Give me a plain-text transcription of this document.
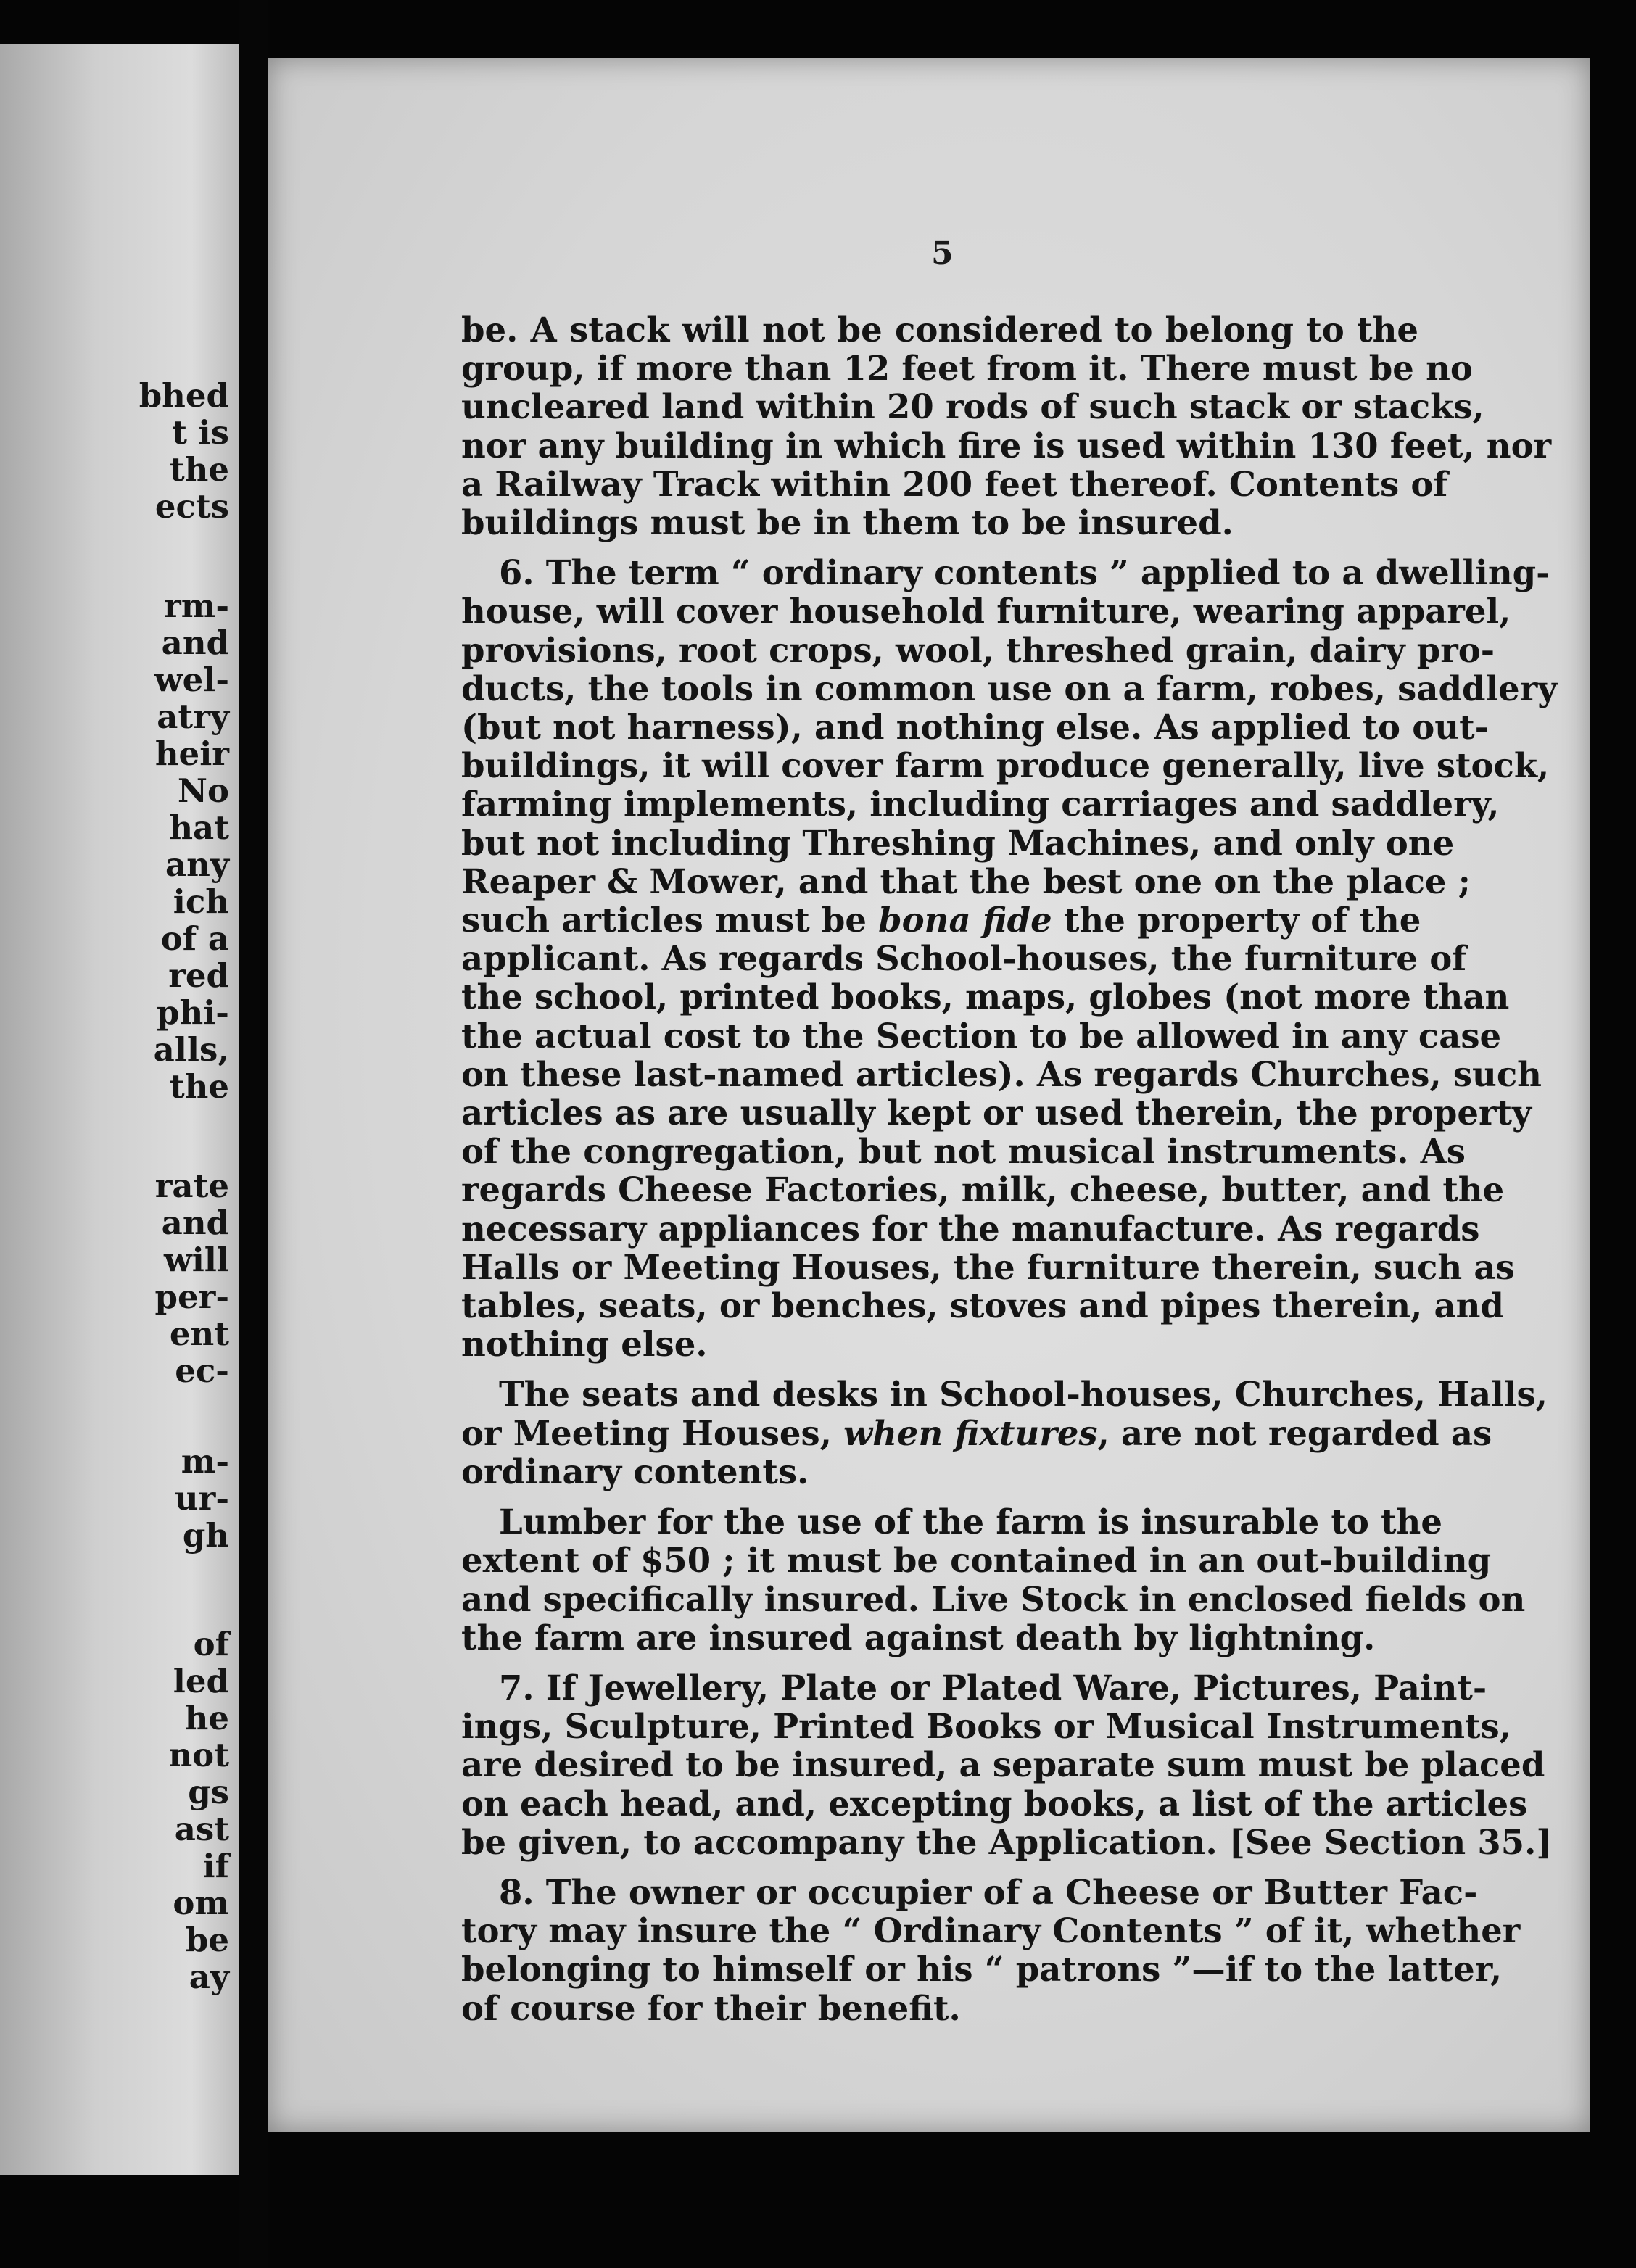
bhed
t is
the
ects
rm-
and
wel-
atry
heir
No
hat
any
ich
of a
red
phi-
alls,
the
rate
and
will
per-
ent
ec-
m-
ur-
gh
of
led
he
not
gs
ast
if
om
be
ay
5
be. A stack will not be considered to belong to the
group, if more than 12 feet from it. There must be no
uncleared land within 20 rods of such stack or stacks,
nor any building in which fire is used within 130 feet, nor
a Railway Track within 200 feet thereof. Contents of
buildings must be in them to be insured.
6. The term “ ordinary contents ” applied to a dwelling-
house, will cover household furniture, wearing apparel,
provisions, root crops, wool, threshed grain, dairy pro-
ducts, the tools in common use on a farm, robes, saddlery
(but not harness), and nothing else. As applied to out-
buildings, it will cover farm produce generally, live stock,
farming implements, including carriages and saddlery,
but not including Threshing Machines, and only one
Reaper & Mower, and that the best one on the place ;
such articles must be bona fide the property of the
applicant. As regards School-houses, the furniture of
the school, printed books, maps, globes (not more than
the actual cost to the Section to be allowed in any case
on these last-named articles). As regards Churches, such
articles as are usually kept or used therein, the property
of the congregation, but not musical instruments. As
regards Cheese Factories, milk, cheese, butter, and the
necessary appliances for the manufacture. As regards
Halls or Meeting Houses, the furniture therein, such as
tables, seats, or benches, stoves and pipes therein, and
nothing else.
The seats and desks in School-houses, Churches, Halls,
or Meeting Houses, when fixtures, are not regarded as
ordinary contents.
Lumber for the use of the farm is insurable to the
extent of $50 ; it must be contained in an out-building
and specifically insured. Live Stock in enclosed fields on
the farm are insured against death by lightning.
7. If Jewellery, Plate or Plated Ware, Pictures, Paint-
ings, Sculpture, Printed Books or Musical Instruments,
are desired to be insured, a separate sum must be placed
on each head, and, excepting books, a list of the articles
be given, to accompany the Application. [See Section 35.]
8. The owner or occupier of a Cheese or Butter Fac-
tory may insure the “ Ordinary Contents ” of it, whether
belonging to himself or his “ patrons ”—if to the latter,
of course for their benefit.
